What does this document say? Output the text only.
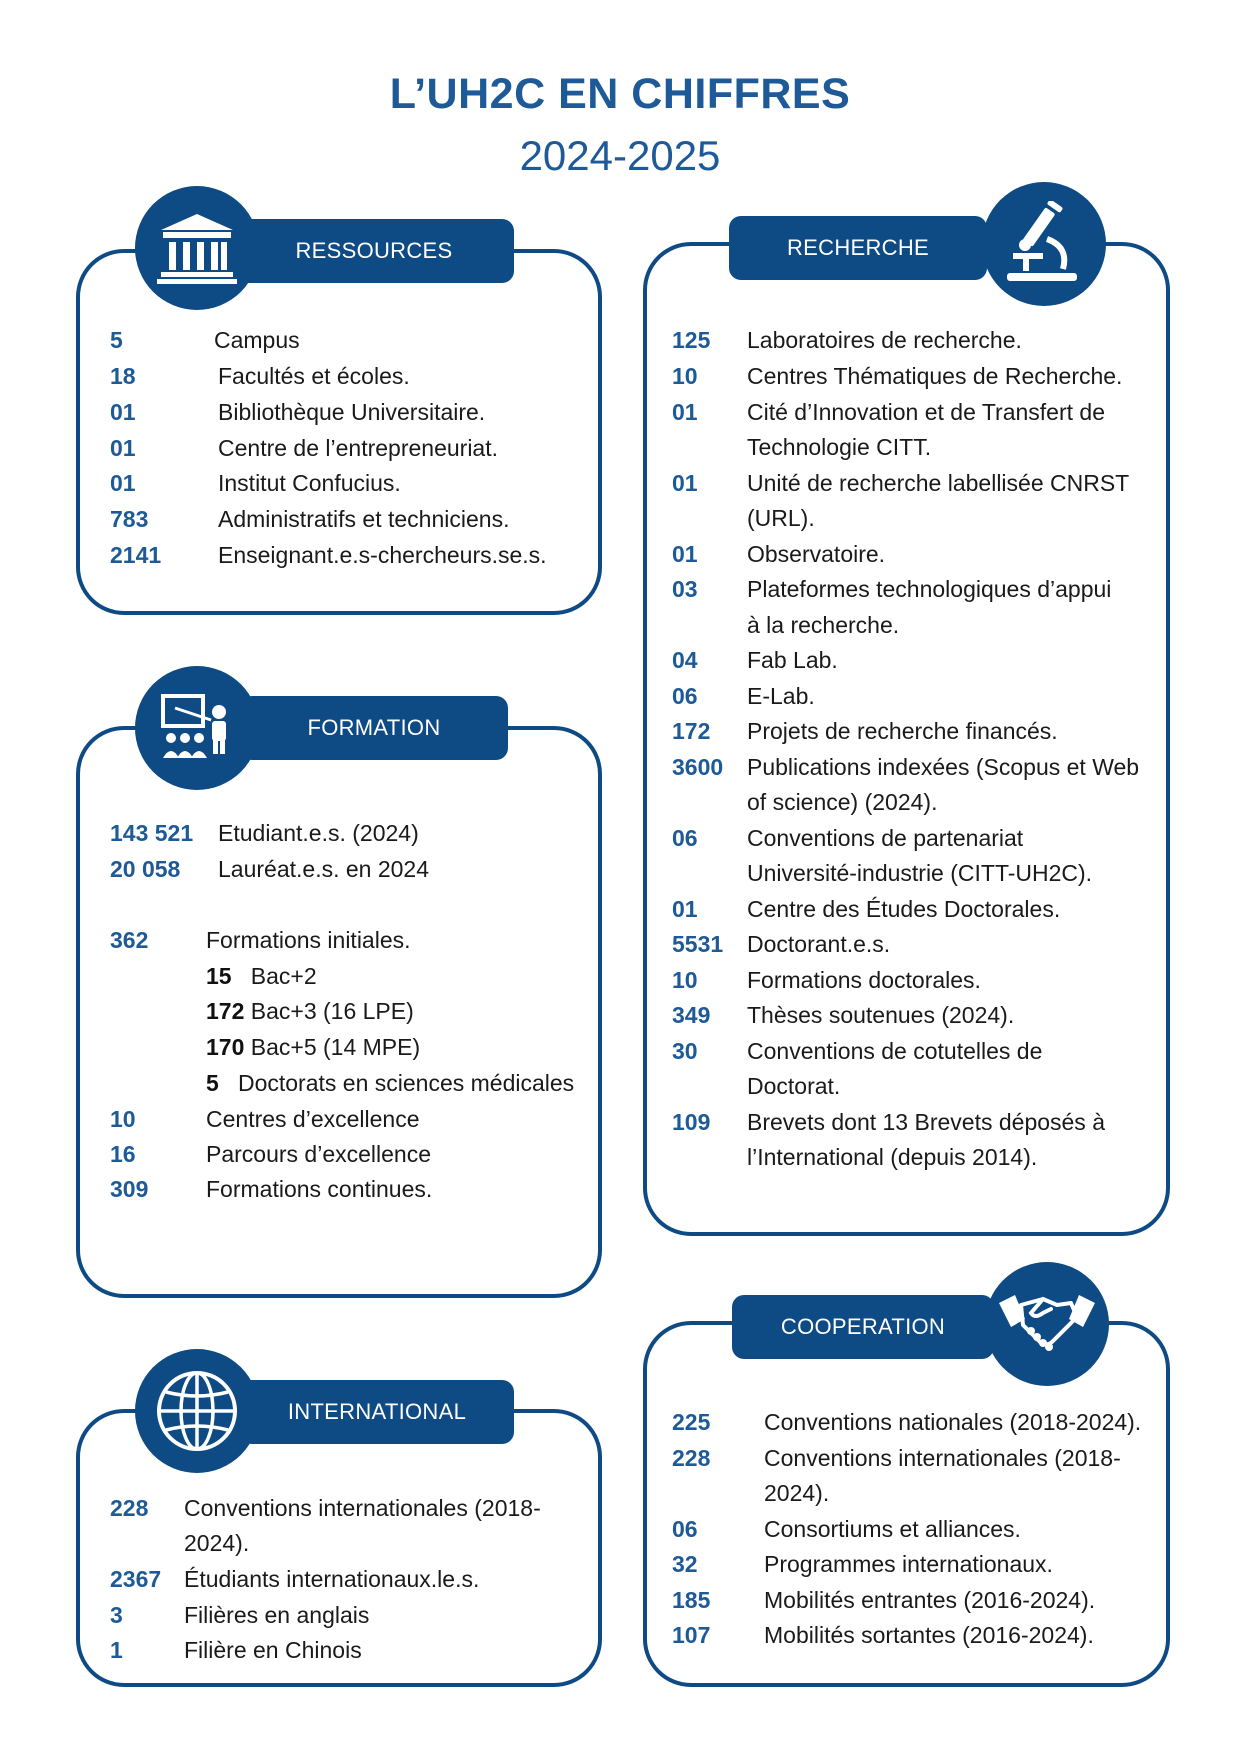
L’UH2C EN CHIFFRES
2024-2025
RESSOURCES
5	Campus
18	Facultés et écoles.
01	Bibliothèque Universitaire.
01	Centre de l’entrepreneuriat.
01	Institut Confucius.
783	Administratifs et techniciens.
2141 Enseignant.e.s-chercheurs.se.s.
FORMATION
143 521 Etudiant.e.s. (2024)
20 058 Lauréat.e.s. en 2024
362	Formations initiales.
15 Bac+2
172 Bac+3 (16 LPE)
170 Bac+5 (14 MPE)
5 Doctorats en sciences médicales
10	Centres d’excellence
16	Parcours d’excellence
309	Formations continues.
INTERNATIONAL
228 Conventions internationales (2018-
2024).
2367 Étudiants internationaux.le.s.
3	Filières en anglais
1	Filière en Chinois
RECHERCHE
125 Laboratoires de recherche.
10 Centres Thématiques de Recherche.
01 Cité d’Innovation et de Transfert de
Technologie CITT.
01 Unité de recherche labellisée CNRST
(URL).
01 Observatoire.
03 Plateformes technologiques d’appui
à la recherche.
04 Fab Lab.
06 E-Lab.
172 Projets de recherche financés.
3600 Publications indexées (Scopus et Web
of science) (2024).
06 Conventions de partenariat
Université-industrie (CITT-UH2C).
01 Centre des Études Doctorales.
5531 Doctorant.e.s.
10 Formations doctorales.
349 Thèses soutenues (2024).
30 Conventions de cotutelles de
Doctorat.
109 Brevets dont 13 Brevets déposés à
l’International (depuis 2014).
COOPERATION
225 Conventions nationales (2018-2024).
228 Conventions internationales (2018-
2024).
06	Consortiums et alliances.
32	Programmes internationaux.
185 Mobilités entrantes (2016-2024).
107 Mobilités sortantes (2016-2024).
